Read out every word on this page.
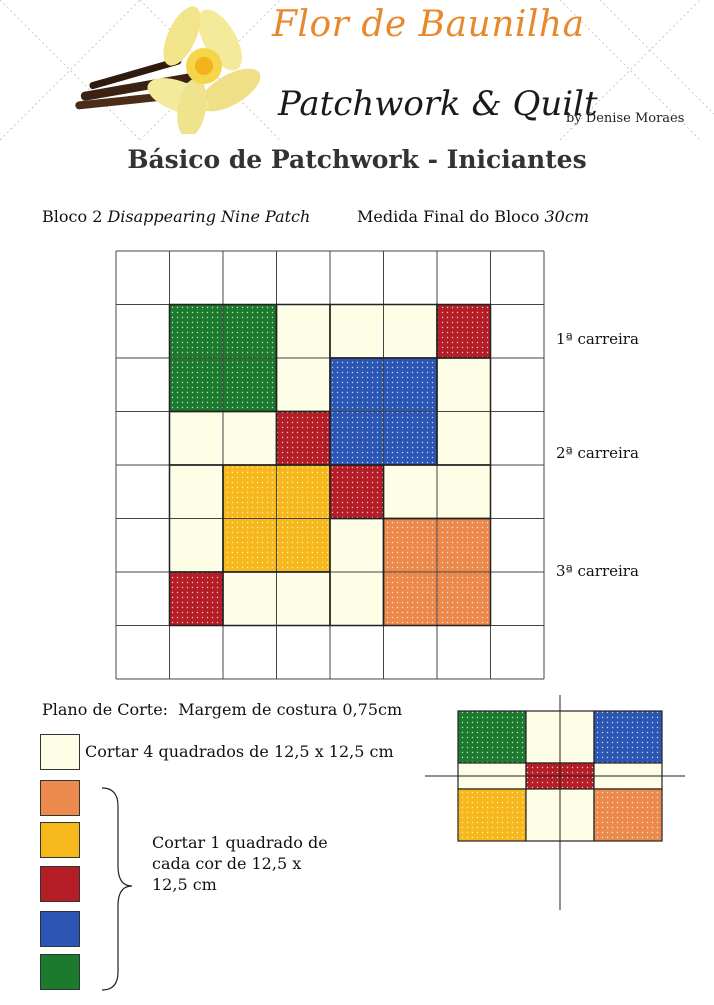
Flor de Baunilha
Patchwork & Quilt
by Denise Moraes
Básico de Patchwork - Iniciantes
Bloco 2 Disappearing Nine Patch	Medida Final do Bloco 30cm
1ª carreira
2ª carreira
3ª carreira
Plano de Corte: Margem de costura 0,75cm
Cortar 4 quadrados de 12,5 x 12,5 cm
Cortar 1 quadrado de cada cor de 12,5 x 12,5 cm
